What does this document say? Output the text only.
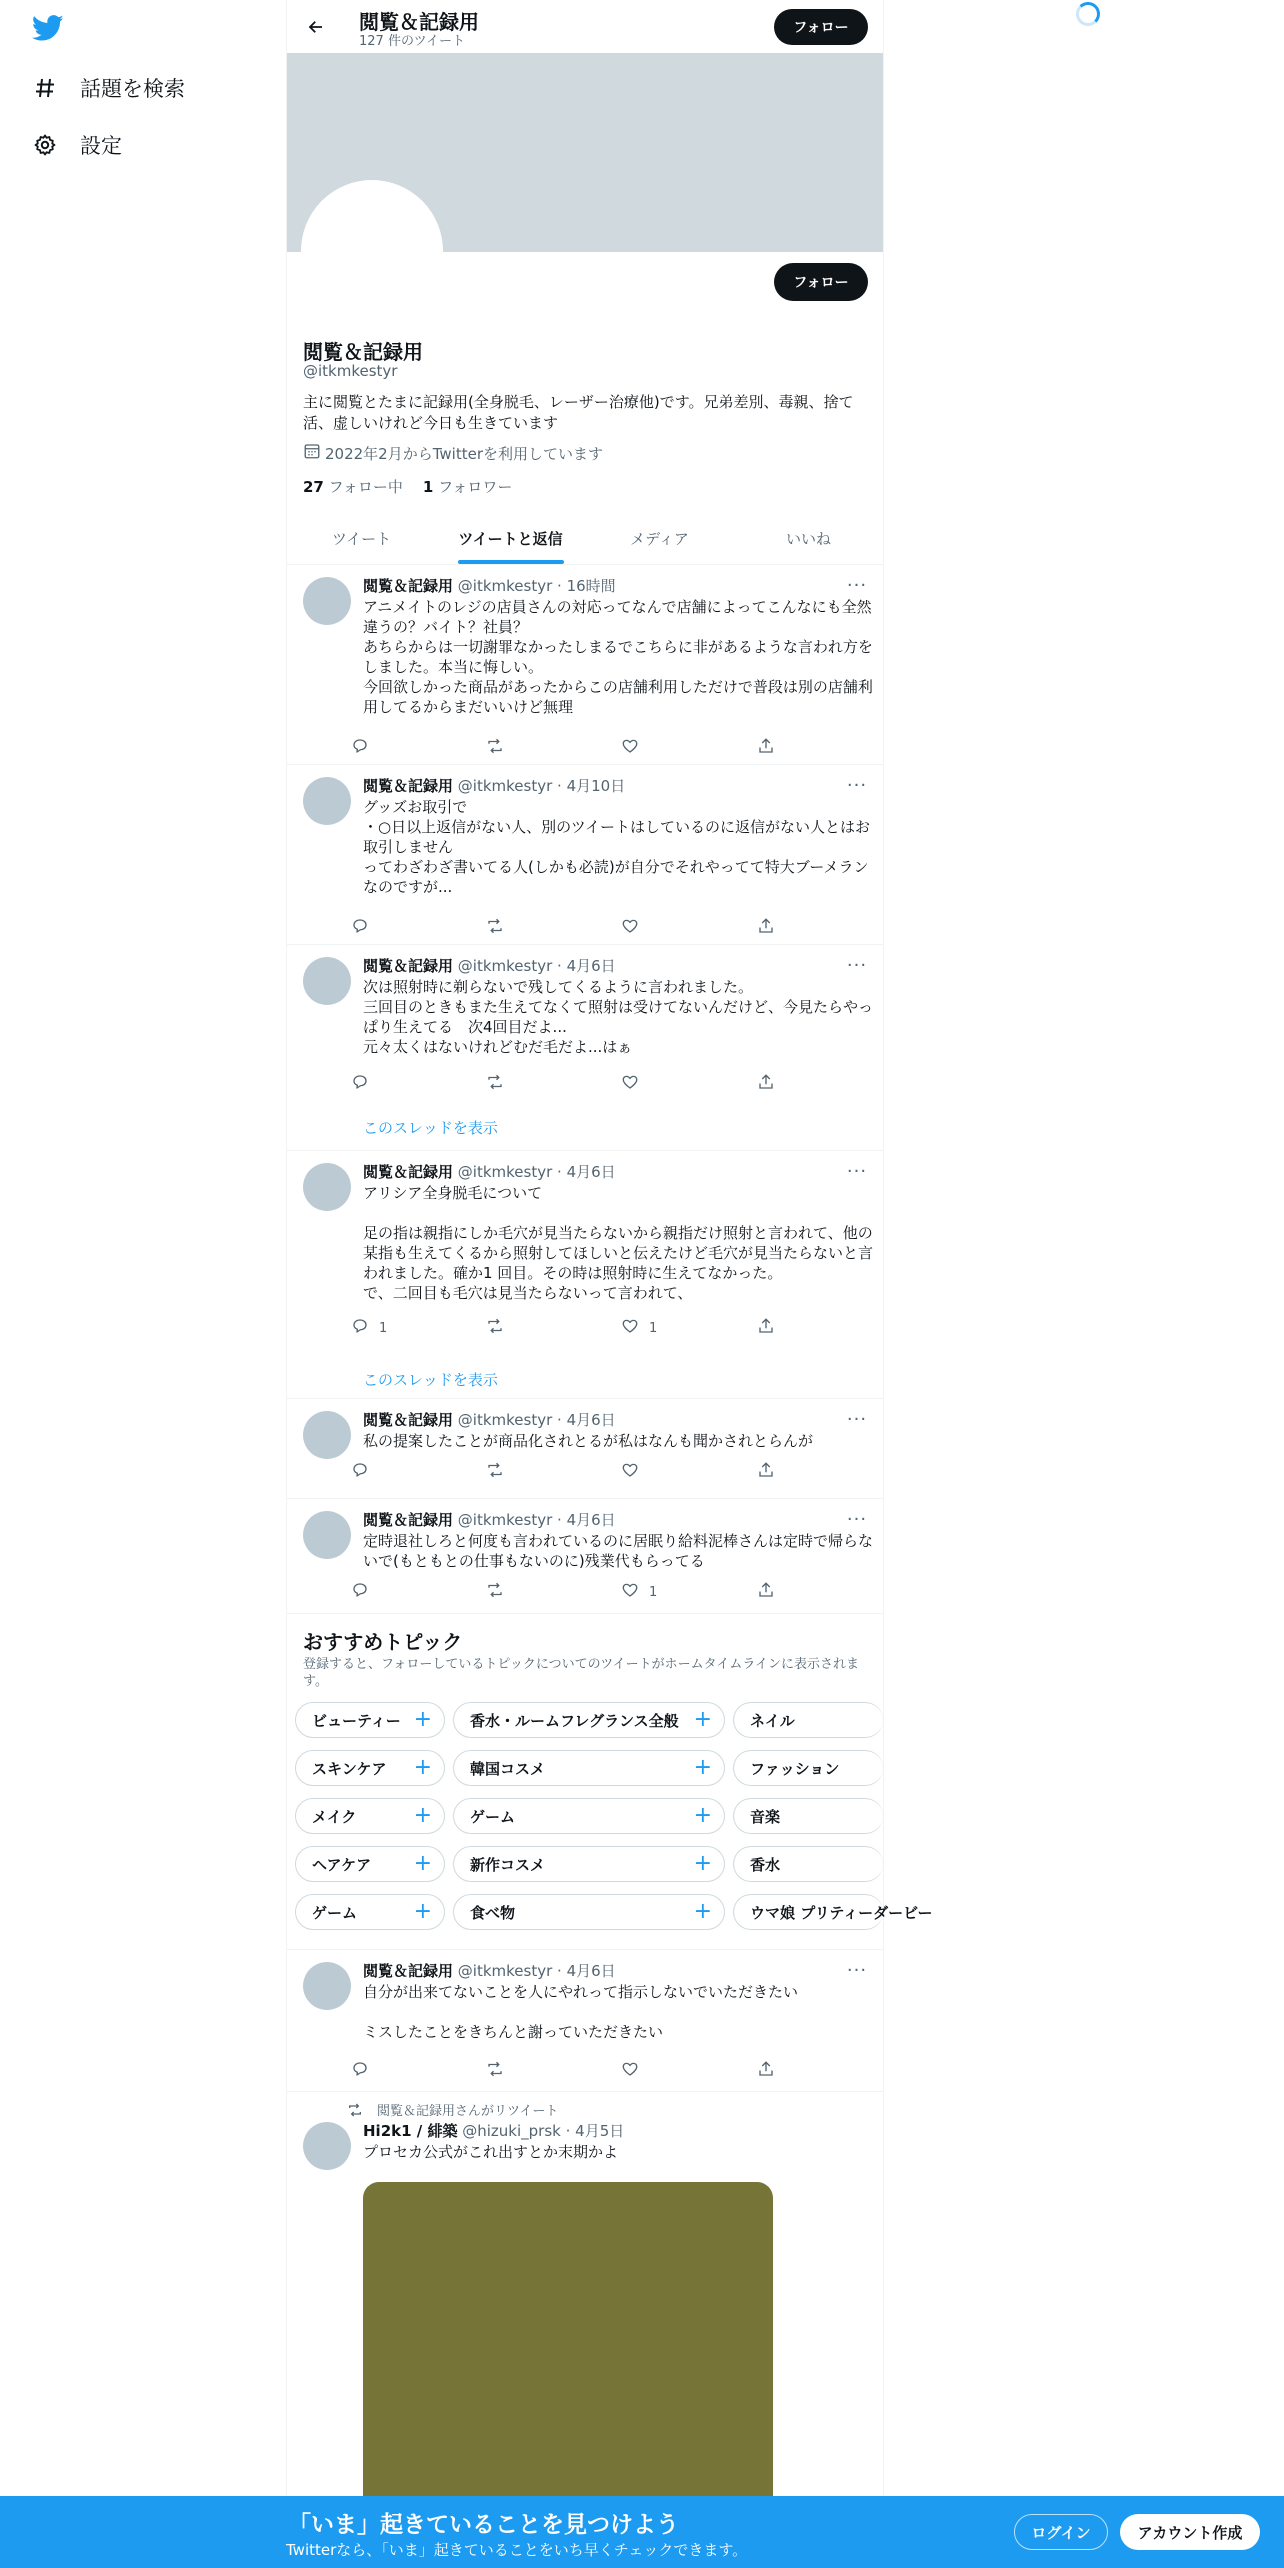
話題を検索
設定
閲覧＆記録用
127 件のツイート
フォロー
フォロー
閲覧＆記録用
@itkmkestyr
主に閲覧とたまに記録用(全身脱毛、レーザー治療他)です。兄弟差別、毒親、捨て活、虚しいけれど今日も生きています
2022年2月からTwitterを利用しています
27 フォロー中 1 フォロワー
ツイート	ツイートと返信	メディア	いいね
閲覧＆記録用 @itkmkestyr · 16時間	···
アニメイトのレジの店員さんの対応ってなんで店舗によってこんなにも全然違うの？バイト？社員？
あちらからは一切謝罪なかったしまるでこちらに非があるような言われ方をしました。本当に悔しい。
今回欲しかった商品があったからこの店舗利用しただけで普段は別の店舗利用してるからまだいいけど無理
閲覧＆記録用 @itkmkestyr · 4月10日	···
グッズお取引で
・○日以上返信がない人、別のツイートはしているのに返信がない人とはお取引しません
ってわざわざ書いてる人(しかも必読)が自分でそれやってて特大ブーメランなのですが...
閲覧＆記録用 @itkmkestyr · 4月6日	···
次は照射時に剃らないで残してくるように言われました。
三回目のときもまた生えてなくて照射は受けてないんだけど、今見たらやっぱり生えてる　次4回目だよ...
元々太くはないけれどむだ毛だよ...はぁ
このスレッドを表示
閲覧＆記録用 @itkmkestyr · 4月6日	···
アリシア全身脱毛について

足の指は親指にしか毛穴が見当たらないから親指だけ照射と言われて、他の某指も生えてくるから照射してほしいと伝えたけど毛穴が見当たらないと言われました。確か1 回目。その時は照射時に生えてなかった。
で、二回目も毛穴は見当たらないって言われて、
1	1
このスレッドを表示
閲覧＆記録用 @itkmkestyr · 4月6日	···
私の提案したことが商品化されとるが私はなんも聞かされとらんが
閲覧＆記録用 @itkmkestyr · 4月6日	···
定時退社しろと何度も言われているのに居眠り給料泥棒さんは定時で帰らないで(もともとの仕事もないのに)残業代もらってる
1
おすすめトピック
登録すると、フォローしているトピックについてのツイートがホームタイムラインに表示されます。
ビューティー +	香水・ルームフレグランス全般 +	ネイル
スキンケア +	韓国コスメ	+	ファッション
メイク	+	ゲーム	+	音楽
ヘアケア +	新作コスメ	+	香水
ゲーム	+	食べ物	+	ウマ娘 プリティーダービー
閲覧＆記録用 @itkmkestyr · 4月6日	···
自分が出来てないことを人にやれって指示しないでいただきたい

ミスしたことをきちんと謝っていただきたい
閲覧＆記録用さんがリツイート
Hi2k1 / 緋築 @hizuki_prsk · 4月5日
プロセカ公式がこれ出すとか末期かよ
「いま」起きていることを見つけよう
Twitterなら、「いま」起きていることをいち早くチェックできます。
ログイン	アカウント作成
